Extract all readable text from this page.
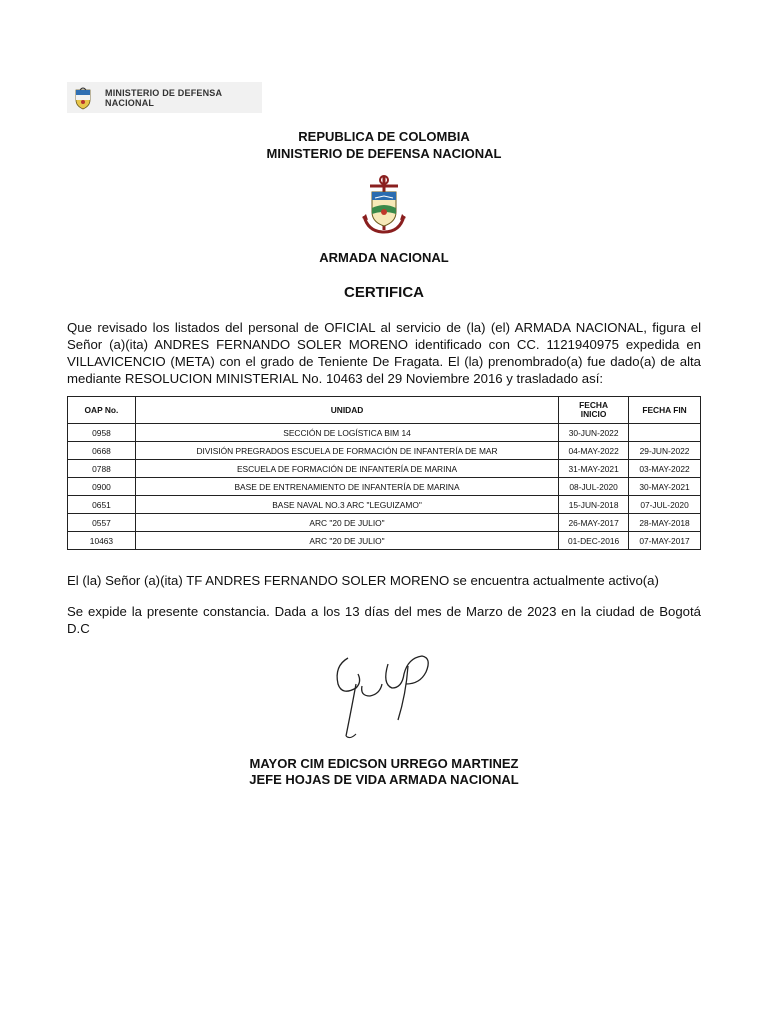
MINISTERIO DE DEFENSA
NACIONAL
REPUBLICA DE COLOMBIA
MINISTERIO DE DEFENSA NACIONAL
ARMADA NACIONAL
CERTIFICA
Que revisado los listados del personal de OFICIAL al servicio de (la) (el) ARMADA NACIONAL, figura el Señor (a)(ita) ANDRES FERNANDO SOLER MORENO identificado con CC. 1121940975 expedida en VILLAVICENCIO (META) con el grado de Teniente De Fragata. El (la) prenombrado(a) fue dado(a) de alta mediante RESOLUCION MINISTERIAL No. 10463 del 29 Noviembre 2016 y trasladado así:
OAP No.	UNIDAD	FECHA INICIO	FECHA FIN
0958	SECCIÓN DE LOGÍSTICA BIM 14	30-JUN-2022	
0668	DIVISIÓN PREGRADOS ESCUELA DE FORMACIÓN DE INFANTERÍA DE MAR	04-MAY-2022	29-JUN-2022
0788	ESCUELA DE FORMACIÓN DE INFANTERÍA DE MARINA	31-MAY-2021	03-MAY-2022
0900	BASE DE ENTRENAMIENTO DE INFANTERÍA DE MARINA	08-JUL-2020	30-MAY-2021
0651	BASE NAVAL NO.3 ARC "LEGUIZAMO"	15-JUN-2018	07-JUL-2020
0557	ARC "20 DE JULIO"	26-MAY-2017	28-MAY-2018
10463	ARC "20 DE JULIO"	01-DEC-2016	07-MAY-2017
El (la) Señor (a)(ita) TF ANDRES FERNANDO SOLER MORENO se encuentra actualmente activo(a)
Se expide la presente constancia. Dada a los 13 días del mes de Marzo de 2023 en la ciudad de Bogotá D.C
MAYOR CIM EDICSON URREGO MARTINEZ
JEFE HOJAS DE VIDA ARMADA NACIONAL
